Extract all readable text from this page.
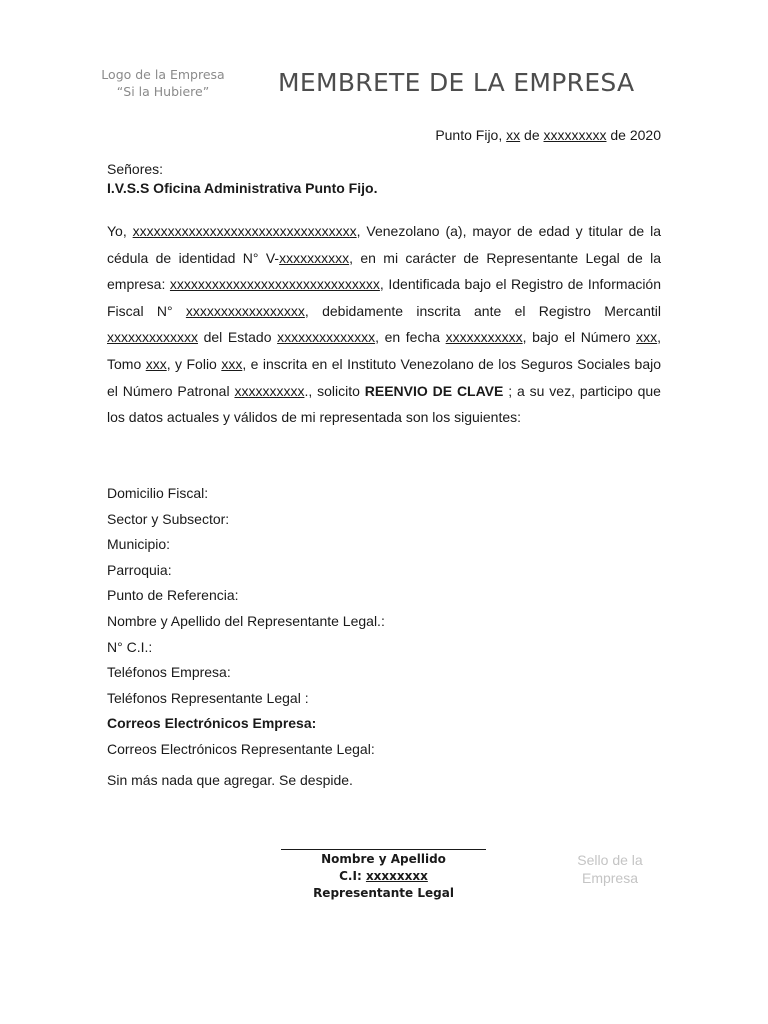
Logo de la Empresa
“Si la Hubiere”	MEMBRETE DE LA EMPRESA
Punto Fijo, xx de xxxxxxxxx de 2020
Señores:
I.V.S.S Oficina Administrativa Punto Fijo.
Yo, xxxxxxxxxxxxxxxxxxxxxxxxxxxxxxxx, Venezolano (a), mayor de edad y titular de la cédula de identidad N° V-xxxxxxxxxx, en mi carácter de Representante Legal de la empresa: xxxxxxxxxxxxxxxxxxxxxxxxxxxxxx, Identificada bajo el Registro de Información Fiscal N° xxxxxxxxxxxxxxxxx, debidamente inscrita ante el Registro Mercantil xxxxxxxxxxxxx del Estado xxxxxxxxxxxxxx, en fecha xxxxxxxxxxx, bajo el Número xxx, Tomo xxx, y Folio xxx, e inscrita en el Instituto Venezolano de los Seguros Sociales bajo el Número Patronal xxxxxxxxxx., solicito REENVIO DE CLAVE ; a su vez, participo que los datos actuales y válidos de mi representada son los siguientes:
Domicilio Fiscal:
Sector y Subsector:
Municipio:
Parroquia:
Punto de Referencia:
Nombre y Apellido del Representante Legal.:
N° C.I.:
Teléfonos Empresa:
Teléfonos Representante Legal :
Correos Electrónicos Empresa:
Correos Electrónicos Representante Legal:
Sin más nada que agregar. Se despide.
Nombre y Apellido
C.I: xxxxxxxx
Representante Legal
Sello de la
Empresa
